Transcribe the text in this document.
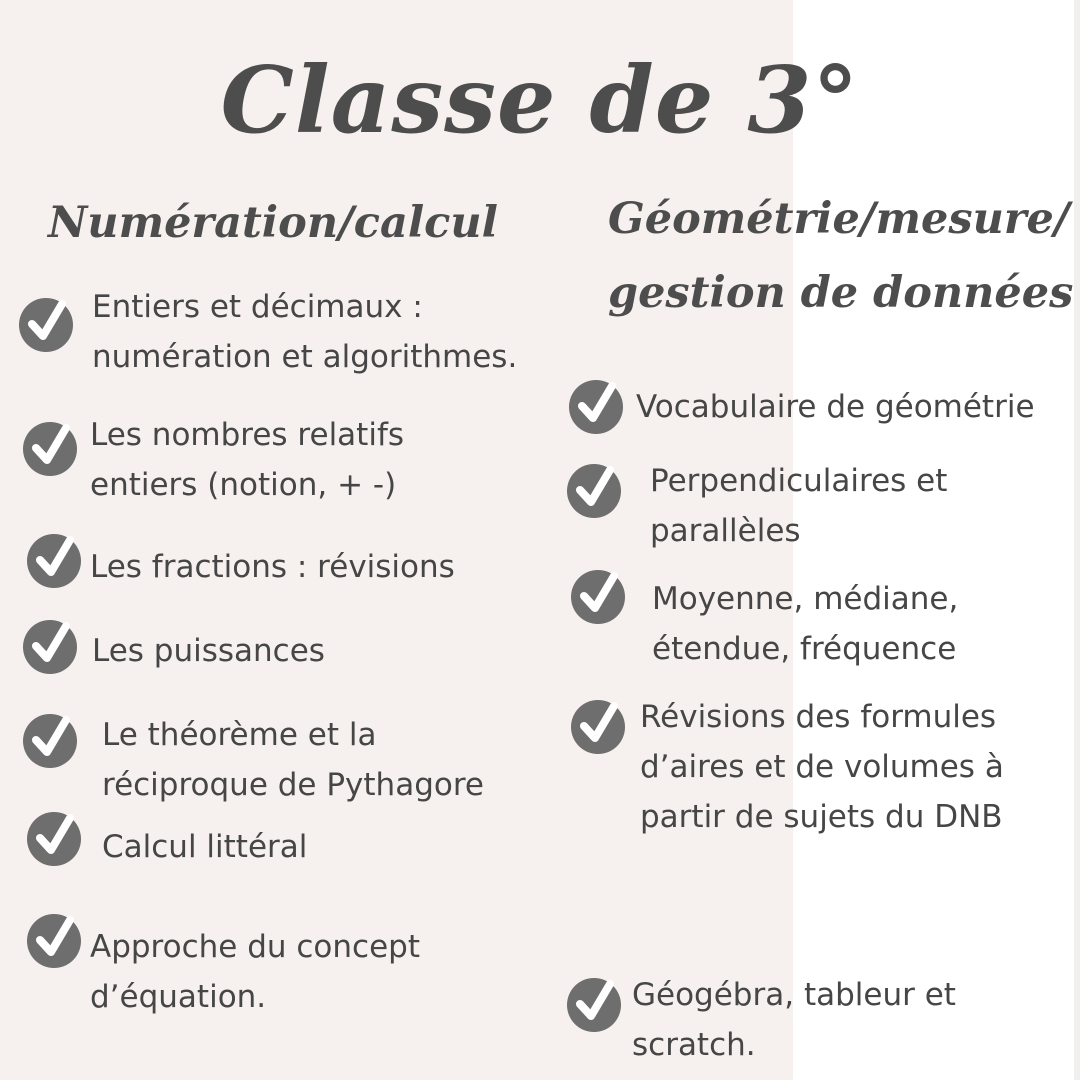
Classe de 3°
Numération/calcul

Entiers et décimaux :

numération et algorithmes.

Les nombres relatifs

entiers (notion, + -)

Les fractions : révisions

Les puissances

Le théorème et la

réciproque de Pythagore

Calcul littéral

Approche du concept

d’équation.

Géométrie/mesure/
gestion de données

Vocabulaire de géométrie

Perpendiculaires et

parallèles

Moyenne, médiane,

étendue, fréquence

Révisions des formules

d’aires et de volumes à

partir de sujets du DNB

Géogébra, tableur et

scratch.
